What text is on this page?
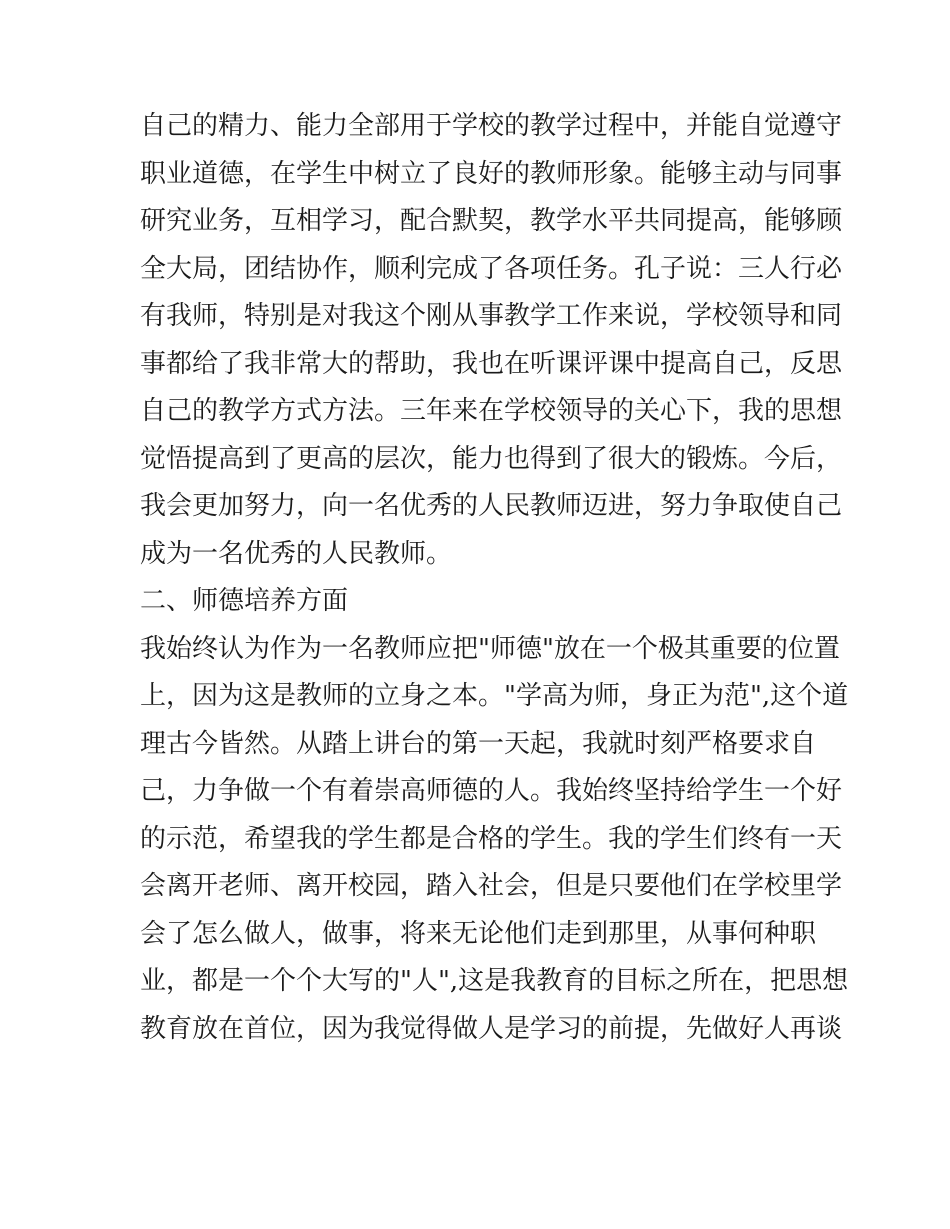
自己的精力、能力全部用于学校的教学过程中，并能自觉遵守
职业道德，在学生中树立了良好的教师形象。能够主动与同事
研究业务，互相学习，配合默契，教学水平共同提高，能够顾
全大局，团结协作，顺利完成了各项任务。孔子说：三人行必
有我师，特别是对我这个刚从事教学工作来说，学校领导和同
事都给了我非常大的帮助，我也在听课评课中提高自己，反思
自己的教学方式方法。三年来在学校领导的关心下，我的思想
觉悟提高到了更高的层次，能力也得到了很大的锻炼。今后，
我会更加努力，向一名优秀的人民教师迈进，努力争取使自己
成为一名优秀的人民教师。
二、师德培养方面
我始终认为作为一名教师应把"师德"放在一个极其重要的位置
上，因为这是教师的立身之本。"学高为师，身正为范",这个道
理古今皆然。从踏上讲台的第一天起，我就时刻严格要求自
己，力争做一个有着崇高师德的人。我始终坚持给学生一个好
的示范，希望我的学生都是合格的学生。我的学生们终有一天
会离开老师、离开校园，踏入社会，但是只要他们在学校里学
会了怎么做人，做事，将来无论他们走到那里，从事何种职
业，都是一个个大写的"人",这是我教育的目标之所在，把思想
教育放在首位，因为我觉得做人是学习的前提，先做好人再谈
